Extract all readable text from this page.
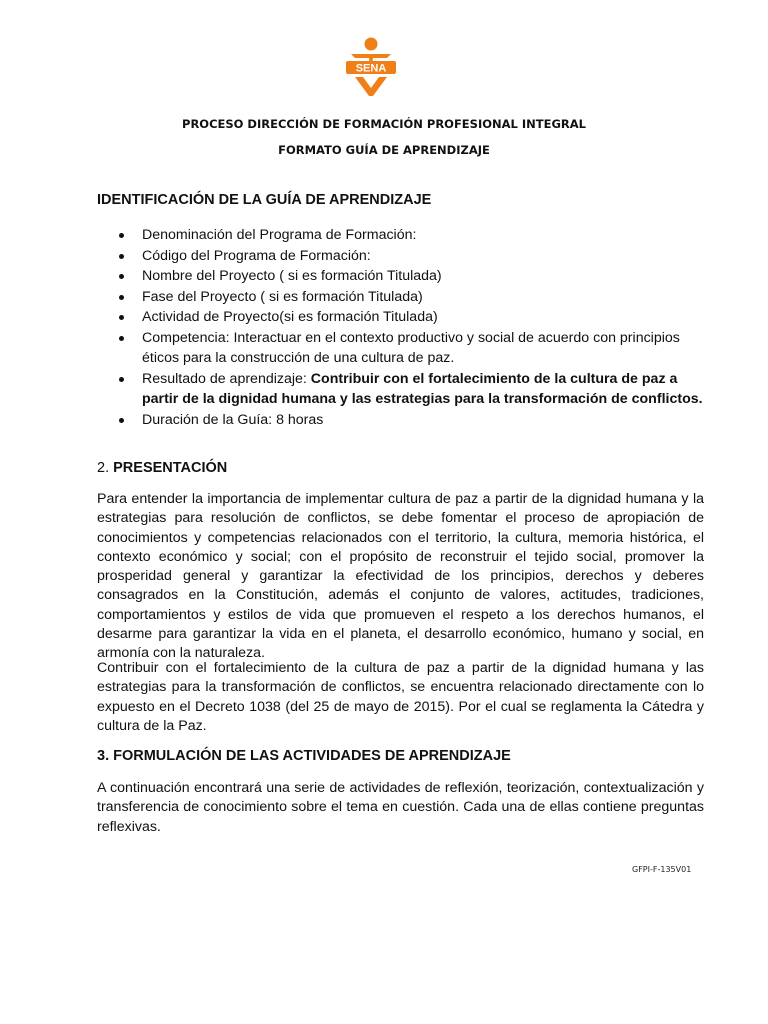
SENA
PROCESO DIRECCIÓN DE FORMACIÓN PROFESIONAL INTEGRAL
FORMATO GUÍA DE APRENDIZAJE
IDENTIFICACIÓN DE LA GUÍA DE APRENDIZAJE
Denominación del Programa de Formación:
Código del Programa de Formación:
Nombre del Proyecto ( si es formación Titulada)
Fase del Proyecto ( si es formación Titulada)
Actividad de Proyecto(si es formación Titulada)
Competencia: Interactuar en el contexto productivo y social de acuerdo con principios éticos para la construcción de una cultura de paz.
Resultado de aprendizaje: Contribuir con el fortalecimiento de la cultura de paz a partir de la dignidad humana y las estrategias para la transformación de conflictos.
Duración de la Guía: 8 horas
2. PRESENTACIÓN

Para entender la importancia de implementar cultura de paz a partir de la dignidad humana y la estrategias para resolución de conflictos, se debe fomentar el proceso de apropiación de conocimientos y competencias relacionados con el territorio, la cultura, memoria histórica, el contexto económico y social; con el propósito de reconstruir el tejido social, promover la prosperidad general y garantizar la efectividad de los principios, derechos y deberes consagrados en la Constitución, además el conjunto de valores, actitudes, tradiciones, comportamientos y estilos de vida que promueven el respeto a los derechos humanos, el desarme para garantizar la vida en el planeta, el desarrollo económico, humano y social, en armonía con la naturaleza.

Contribuir con el fortalecimiento de la cultura de paz a partir de la dignidad humana y las estrategias para la transformación de conflictos, se encuentra relacionado directamente con lo expuesto en el Decreto 1038 (del 25 de mayo de 2015). Por el cual se reglamenta la Cátedra y cultura de la Paz.

3. FORMULACIÓN DE LAS ACTIVIDADES DE APRENDIZAJE

A continuación encontrará una serie de actividades de reflexión, teorización, contextualización y transferencia de conocimiento sobre el tema en cuestión. Cada una de ellas contiene preguntas reflexivas.

GFPI-F-135V01
